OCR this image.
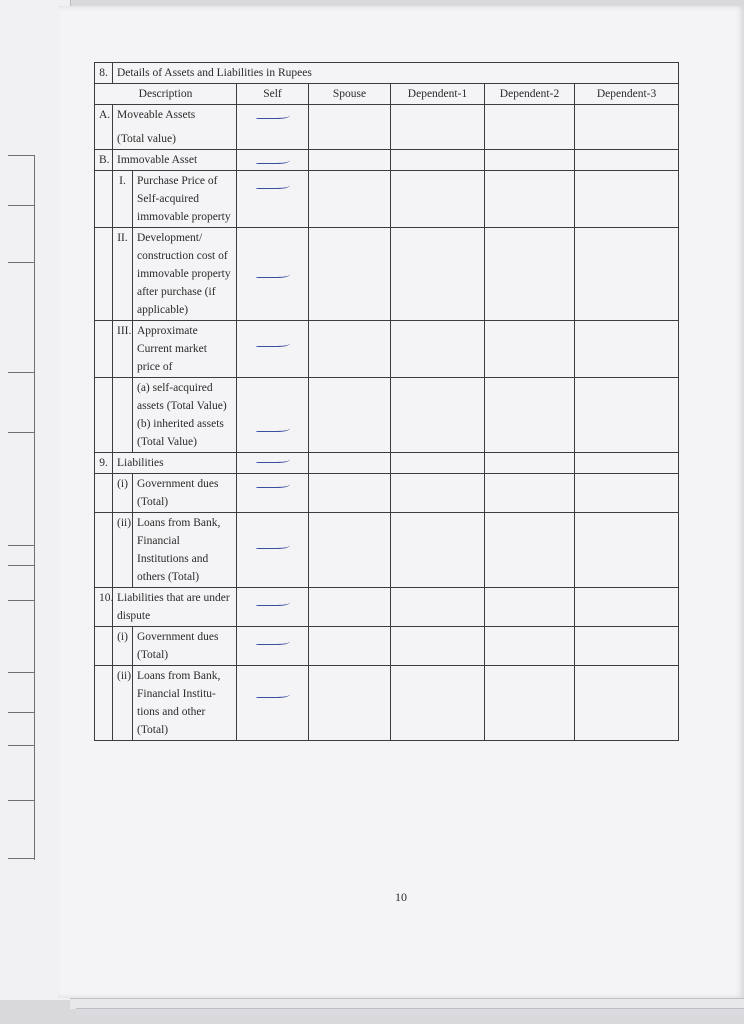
8.	Details of Assets and Liabilities in Rupees						
Description			Self	Spouse	Dependent-1	Dependent-2	Dependent-3
A.	Moveable Assets
(Total value)						

B.	Immovable Asset		

	I.	Purchase Price of Self-acquired immovable property	

	II.	Development/ construction cost of immovable property after purchase (if applicable)	

	III.	Approximate Current market price of	

		(a) self-acquired assets (Total Value)
(b) inherited assets (Total Value)					

9.	Liabilities		

	(i)	Government dues (Total)	

	(ii)	Loans from Bank, Financial Institutions and others (Total)	

10.	Liabilities that are under dispute		

	(i)	Government dues (Total)	

	(ii)	Loans from Bank, Financial Institu- tions and other (Total)	

10
